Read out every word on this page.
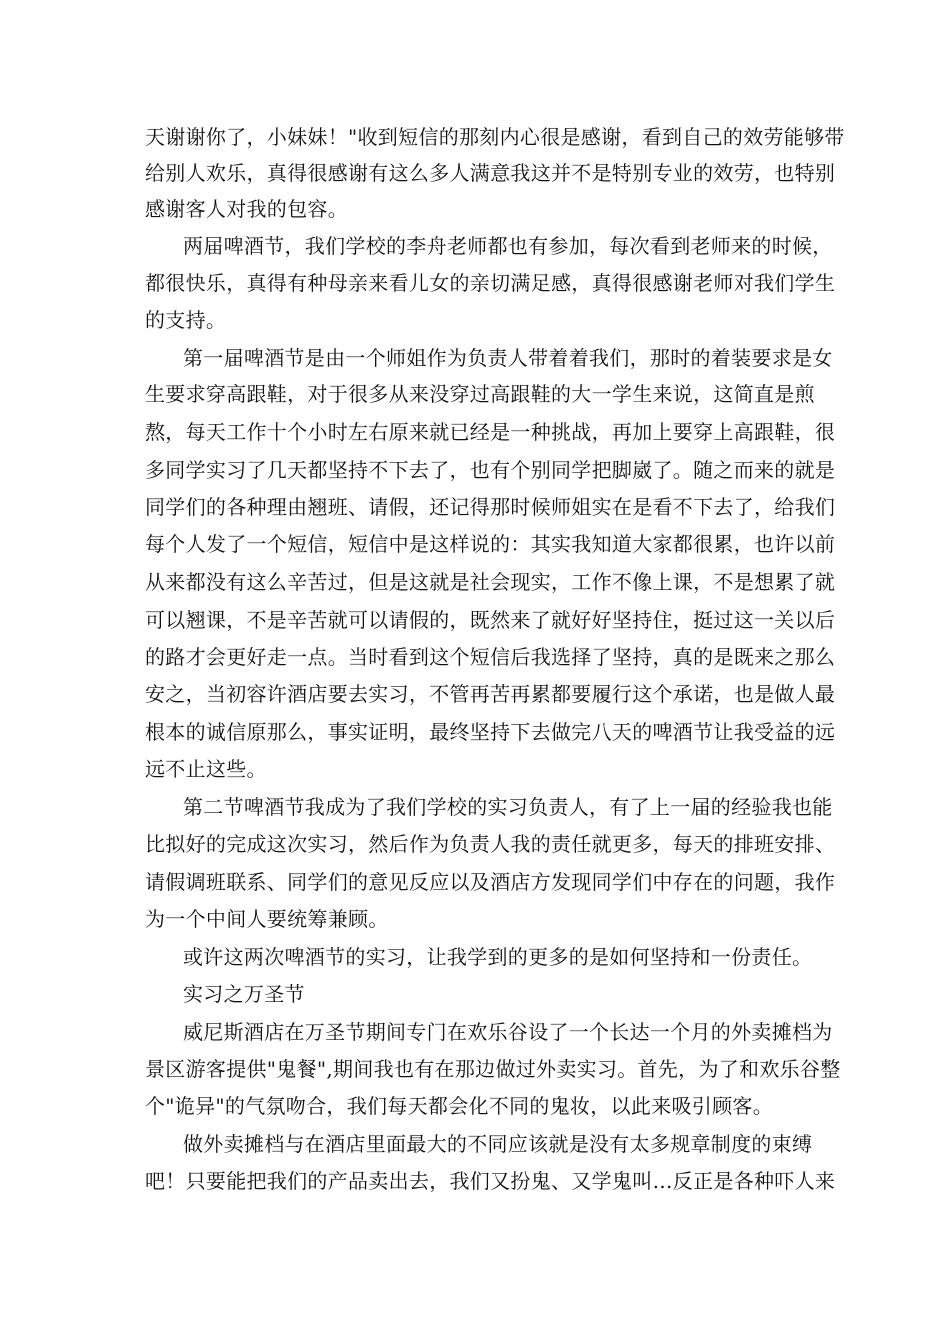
天谢谢你了，小妹妹！"收到短信的那刻内心很是感谢，看到自己的效劳能够带
给别人欢乐，真得很感谢有这么多人满意我这并不是特别专业的效劳，也特别
感谢客人对我的包容。
两届啤酒节，我们学校的李舟老师都也有参加，每次看到老师来的时候，
都很快乐，真得有种母亲来看儿女的亲切满足感，真得很感谢老师对我们学生
的支持。
第一届啤酒节是由一个师姐作为负责人带着着我们，那时的着装要求是女
生要求穿高跟鞋，对于很多从来没穿过高跟鞋的大一学生来说，这简直是煎
熬，每天工作十个小时左右原来就已经是一种挑战，再加上要穿上高跟鞋，很
多同学实习了几天都坚持不下去了，也有个别同学把脚崴了。随之而来的就是
同学们的各种理由翘班、请假，还记得那时候师姐实在是看不下去了，给我们
每个人发了一个短信，短信中是这样说的：其实我知道大家都很累，也许以前
从来都没有这么辛苦过，但是这就是社会现实，工作不像上课，不是想累了就
可以翘课，不是辛苦就可以请假的，既然来了就好好坚持住，挺过这一关以后
的路才会更好走一点。当时看到这个短信后我选择了坚持，真的是既来之那么
安之，当初容许酒店要去实习，不管再苦再累都要履行这个承诺，也是做人最
根本的诚信原那么，事实证明，最终坚持下去做完八天的啤酒节让我受益的远
远不止这些。
第二节啤酒节我成为了我们学校的实习负责人，有了上一届的经验我也能
比拟好的完成这次实习，然后作为负责人我的责任就更多，每天的排班安排、
请假调班联系、同学们的意见反应以及酒店方发现同学们中存在的问题，我作
为一个中间人要统筹兼顾。
或许这两次啤酒节的实习，让我学到的更多的是如何坚持和一份责任。
实习之万圣节
威尼斯酒店在万圣节期间专门在欢乐谷设了一个长达一个月的外卖摊档为
景区游客提供"鬼餐",期间我也有在那边做过外卖实习。首先，为了和欢乐谷整
个"诡异"的气氛吻合，我们每天都会化不同的鬼妆，以此来吸引顾客。
做外卖摊档与在酒店里面最大的不同应该就是没有太多规章制度的束缚
吧！只要能把我们的产品卖出去，我们又扮鬼、又学鬼叫…反正是各种吓人来
